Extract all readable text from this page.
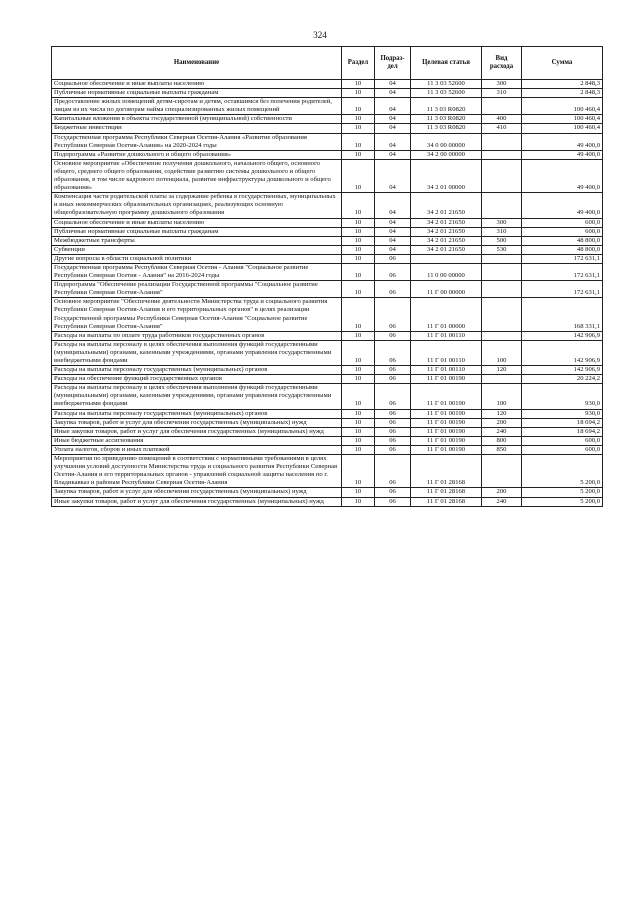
324
Наименование	Раздел	Подраз-дел	Целевая статья	Вид расхода	Сумма
Социальное обеспечение и иные выплаты населению	10	04	11 3 03 52600	300	2 848,3
Публичные нормативные социальные выплаты гражданам	10	04	11 3 03 52600	310	2 848,3
Предоставление жилых помещений детям-сиротам и детям, оставшимся без попечения родителей, лицам из их числа по договорам найма специализированных жилых помещений	10	04	11 3 03 R0820		100 460,4
Капитальные вложения в объекты государственной (муниципальной) собственности	10	04	11 3 03 R0820	400	100 460,4
Бюджетные инвестиции	10	04	11 3 03 R0820	410	100 460,4
Государственная программа Республики Северная Осетия-Алания «Развитие образования Республики Северная Осетия-Алания» на 2020-2024 годы	10	04	34 0 00 00000		49 400,0
Подпрограмма «Развитие дошкольного и общего образования»	10	04	34 2 00 00000		49 400,0
Основное мероприятие «Обеспечение получения дошкольного, начального общего, основного общего, среднего общего образования, содействие развитию системы дошкольного и общего образования, в том числе кадрового потенциала, развитие инфраструктуры дошкольного и общего образования»	10	04	34 2 01 00000		49 400,0
Компенсация части родительской платы за содержание ребенка в государственных, муниципальных и иных некоммерческих образовательных организациях, реализующих основную общеобразовательную программу дошкольного образования	10	04	34 2 01 21650		49 400,0
Социальное обеспечение и иные выплаты населению	10	04	34 2 01 21650	300	600,0
Публичные нормативные социальные выплаты гражданам	10	04	34 2 01 21650	310	600,0
Межбюджетные трансферты	10	04	34 2 01 21650	500	48 800,0
Субвенции	10	04	34 2 01 21650	530	48 800,0
Другие вопросы в области социальной политики	10	06			172 631,1
Государственная программа Республики Северная Осетия - Алания "Социальное развитие Республики Северная Осетия - Алания" на 2016-2024 годы	10	06	11 0 00 00000		172 631,1
Подпрограмма "Обеспечение реализации Государственной программы "Социальное развитие Республики Северная Осетия-Алания"	10	06	11 Г 00 00000		172 631,1
Основное мероприятие "Обеспечение деятельности Министерства труда и социального развития Республики Северная Осетия-Алания и его территориальных органов" в целях реализации Государственной программы Республики Северная Осетия-Алания "Социальное развитие Республики Северная Осетия-Алания"	10	06	11 Г 01 00000		168 331,1
Расходы на выплаты по оплате труда работников государственных органов	10	06	11 Г 01 00110		142 906,9
Расходы на выплаты персоналу в целях обеспечения выполнения функций государственными (муниципальными) органами, казенными учреждениями, органами управления государственными внебюджетными фондами	10	06	11 Г 01 00110	100	142 906,9
Расходы на выплаты персоналу государственных (муниципальных) органов	10	06	11 Г 01 00110	120	142 906,9
Расходы на обеспечение функций государственных органов	10	06	11 Г 01 00190		20 224,2
Расходы на выплаты персоналу в целях обеспечения выполнения функций государственными (муниципальными) органами, казенными учреждениями, органами управления государственными внебюджетными фондами	10	06	11 Г 01 00190	100	930,0
Расходы на выплаты персоналу государственных (муниципальных) органов	10	06	11 Г 01 00190	120	930,0
Закупка товаров, работ и услуг для обеспечения государственных (муниципальных) нужд	10	06	11 Г 01 00190	200	18 694,2
Иные закупки товаров, работ и услуг для обеспечения государственных (муниципальных) нужд	10	06	11 Г 01 00190	240	18 694,2
Иные бюджетные ассигнования	10	06	11 Г 01 00190	800	600,0
Уплата налогов, сборов и иных платежей	10	06	11 Г 01 00190	850	600,0
Мероприятия по приведению помещений в соответствии с нормативными требованиями в целях улучшения условий доступности Министерства труда и социального развития Республики Северная Осетия-Алания и его территориальных органов - управлений социальной защиты населения по г. Владикавказ и районам Республики Северная Осетия-Алания	10	06	11 Г 01 28168		5 200,0
Закупка товаров, работ и услуг для обеспечения государственных (муниципальных) нужд	10	06	11 Г 01 28168	200	5 200,0
Иные закупки товаров, работ и услуг для обеспечения государственных (муниципальных) нужд	10	06	11 Г 01 28168	240	5 200,0
